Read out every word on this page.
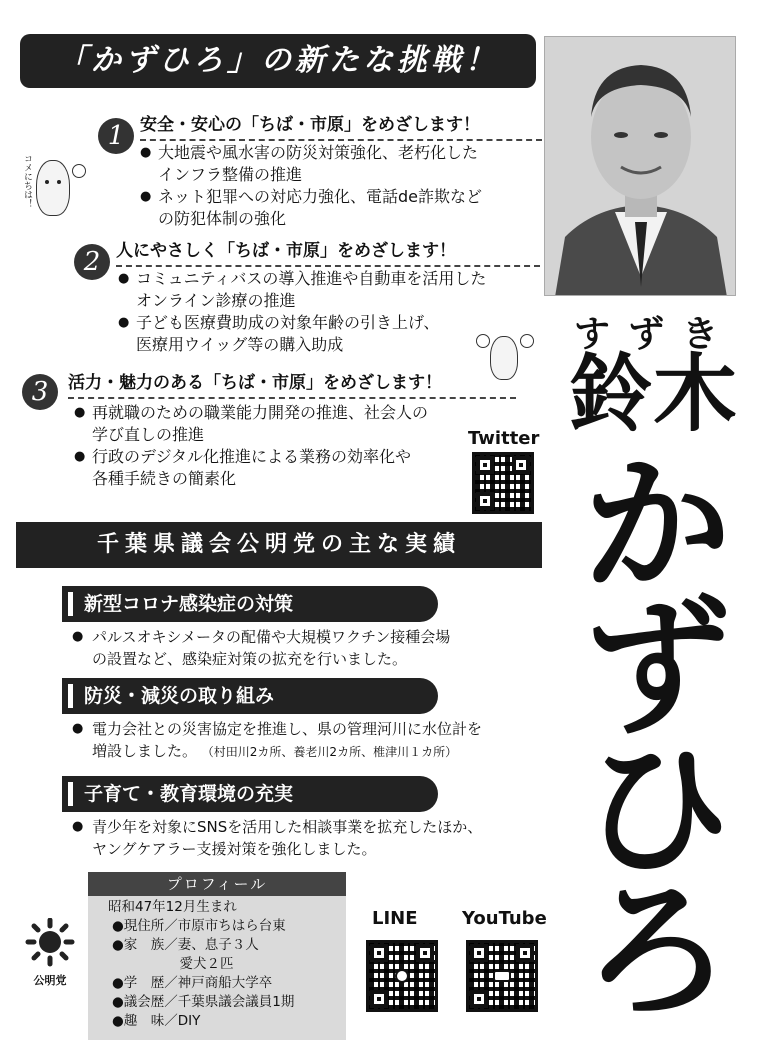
「かずひろ」の新たな挑戦！
1 安全・安心の「ちば・市原」をめざします！
● 大地震や風水害の防災対策強化、老朽化した
インフラ整備の推進
● ネット犯罪への対応力強化、電話de詐欺など
の防犯体制の強化
コメにちは！
2 人にやさしく「ちば・市原」をめざします！
● コミュニティバスの導入推進や自動車を活用した
オンライン診療の推進
● 子ども医療費助成の対象年齢の引き上げ、
医療用ウイッグ等の購入助成
3	活力・魅力のある「ちば・市原」をめざします！
● 再就職のための職業能力開発の推進、社会人の
学び直しの推進
● 行政のデジタル化推進による業務の効率化や
各種手続きの簡素化
Twitter
すずき
鈴木
か
ず
ひ
ろ
千葉県議会公明党の主な実績
新型コロナ感染症の対策
● パルスオキシメータの配備や大規模ワクチン接種会場
の設置など、感染症対策の拡充を行いました。
防災・減災の取り組み
● 電力会社との災害協定を推進し、県の管理河川に水位計を
増設しました。 （村田川2カ所、養老川2カ所、椎津川１カ所）
子育て・教育環境の充実
● 青少年を対象にSNSを活用した相談事業を拡充したほか、
ヤングケアラー支援対策を強化しました。
プロフィール
昭和47年12月生まれ
●現住所／市原市ちはら台東
●家　族／妻、息子３人
　　　　　愛犬２匹
●学　歴／神戸商船大学卒
●議会歴／千葉県議会議員1期
●趣　味／DIY
公明党
LINE	YouTube
